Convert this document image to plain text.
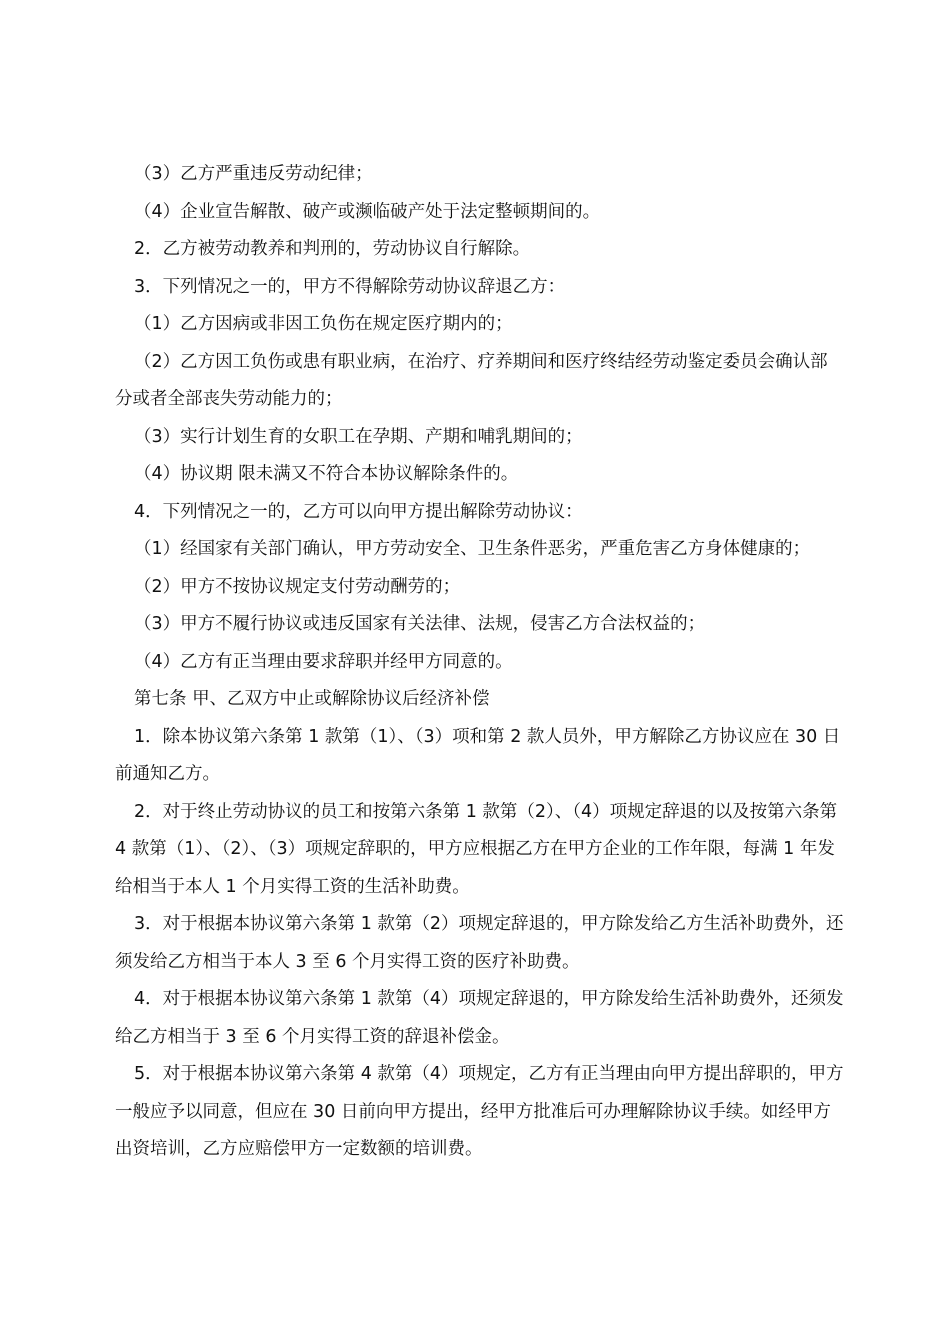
（3）乙方严重违反劳动纪律；

（4）企业宣告解散、破产或濒临破产处于法定整顿期间的。

2．乙方被劳动教养和判刑的，劳动协议自行解除。

3．下列情况之一的，甲方不得解除劳动协议辞退乙方：

（1）乙方因病或非因工负伤在规定医疗期内的；

（2）乙方因工负伤或患有职业病，在治疗、疗养期间和医疗终结经劳动鉴定委员会确认部分或者全部丧失劳动能力的；

（3）实行计划生育的女职工在孕期、产期和哺乳期间的；

（4）协议期 限未满又不符合本协议解除条件的。

4．下列情况之一的，乙方可以向甲方提出解除劳动协议：

（1）经国家有关部门确认，甲方劳动安全、卫生条件恶劣，严重危害乙方身体健康的；

（2）甲方不按协议规定支付劳动酬劳的；

（3）甲方不履行协议或违反国家有关法律、法规，侵害乙方合法权益的；

（4）乙方有正当理由要求辞职并经甲方同意的。

第七条 甲、乙双方中止或解除协议后经济补偿

1．除本协议第六条第 1 款第（1）、（3）项和第 2 款人员外，甲方解除乙方协议应在 30 日前通知乙方。

2．对于终止劳动协议的员工和按第六条第 1 款第（2）、（4）项规定辞退的以及按第六条第 4 款第（1）、（2）、（3）项规定辞职的，甲方应根据乙方在甲方企业的工作年限，每满 1 年发给相当于本人 1 个月实得工资的生活补助费。

3．对于根据本协议第六条第 1 款第（2）项规定辞退的，甲方除发给乙方生活补助费外，还须发给乙方相当于本人 3 至 6 个月实得工资的医疗补助费。

4．对于根据本协议第六条第 1 款第（4）项规定辞退的，甲方除发给生活补助费外，还须发给乙方相当于 3 至 6 个月实得工资的辞退补偿金。

5．对于根据本协议第六条第 4 款第（4）项规定，乙方有正当理由向甲方提出辞职的，甲方一般应予以同意，但应在 30 日前向甲方提出，经甲方批准后可办理解除协议手续。如经甲方出资培训，乙方应赔偿甲方一定数额的培训费。
